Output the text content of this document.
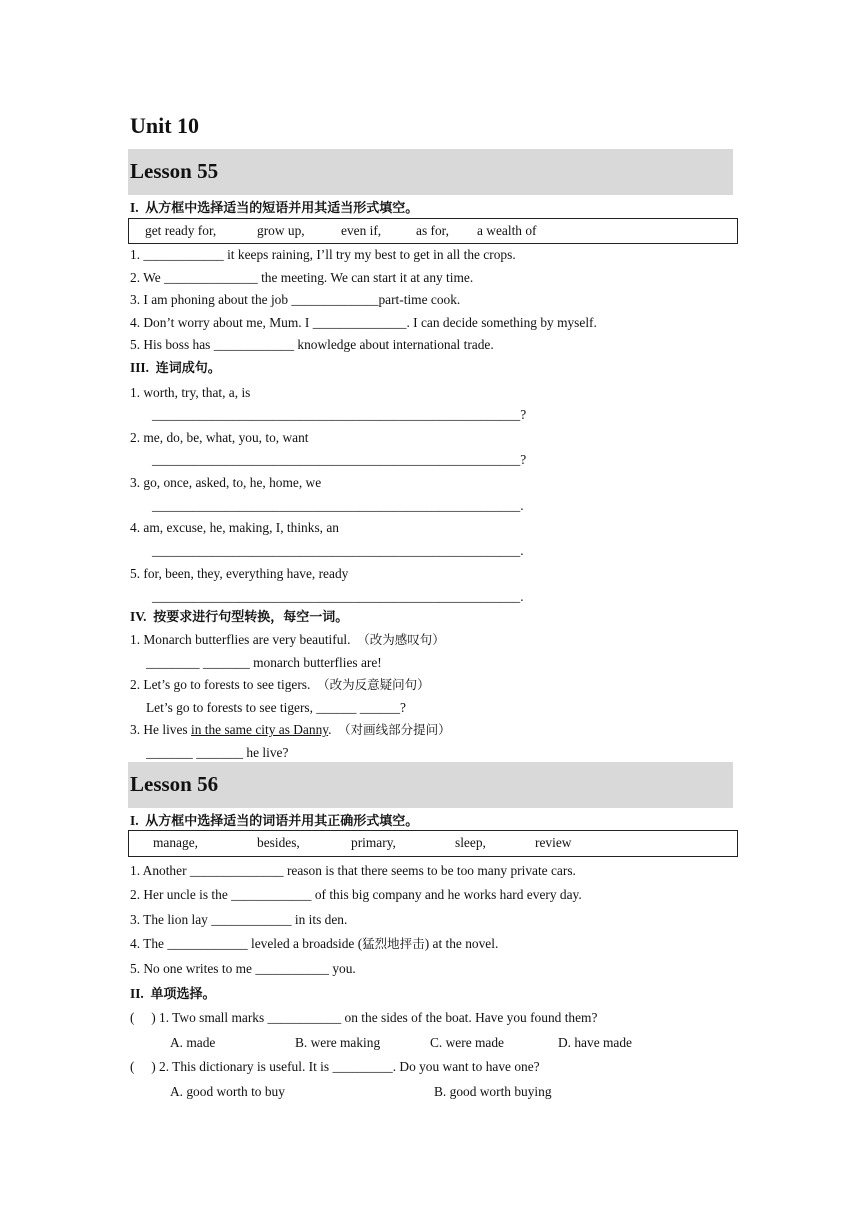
Unit 10
Lesson 55
I. 从方框中选择适当的短语并用其适当形式填空。
get ready for,	grow up,	even if,	as for, a wealth of
1. ____________ it keeps raining, I’ll try my best to get in all the crops.
2. We ______________ the meeting. We can start it at any time.
3. I am phoning about the job _____________part-time cook.
4. Don’t worry about me, Mum. I ______________. I can decide something by myself.
5. His boss has ____________ knowledge about international trade.
III. 连词成句。
1. worth, try, that, a, is
_______________________________________________________?
2. me, do, be, what, you, to, want
_______________________________________________________?
3. go, once, asked, to, he, home, we
_______________________________________________________.
4. am, excuse, he, making, I, thinks, an
_______________________________________________________.
5. for, been, they, everything have, ready
_______________________________________________________.
IV. 按要求进行句型转换，每空一词。
1. Monarch butterflies are very beautiful. （改为感叹句）
________ _______ monarch butterflies are!
2. Let’s go to forests to see tigers. （改为反意疑问句）
Let’s go to forests to see tigers, ______ ______?
3. He lives in the same city as Danny. （对画线部分提问）
_______ _______ he live?
Lesson 56
I. 从方框中选择适当的词语并用其正确形式填空。
manage,	besides,	primary,	sleep,	review
1. Another ______________ reason is that there seems to be too many private cars.
2. Her uncle is the ____________ of this big company and he works hard every day.
3. The lion lay ____________ in its den.
4. The ____________ leveled a broadside (猛烈地抨击) at the novel.
5. No one writes to me ___________ you.
II. 单项选择。
(     ) 1. Two small marks ___________ on the sides of the boat. Have you found them?
A. made	B. were making	C. were made	D. have made
(     ) 2. This dictionary is useful. It is _________. Do you want to have one?
A. good worth to buy	B. good worth buying
